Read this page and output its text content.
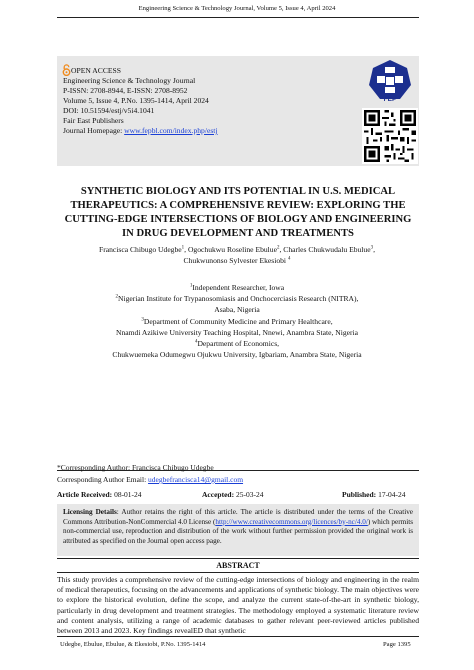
Engineering Science & Technology Journal, Volume 5, Issue 4, April 2024
OPEN ACCESS
Engineering Science & Technology Journal
P-ISSN: 2708-8944, E-ISSN: 2708-8952
Volume 5, Issue 4, P.No. 1395-1414, April 2024
DOI: 10.51594/estj/v5i4.1041
Fair East Publishers
Journal Homepage: www.fepbl.com/index.php/estj
FEP
SYNTHETIC BIOLOGY AND ITS POTENTIAL IN U.S. MEDICAL THERAPEUTICS: A COMPREHENSIVE REVIEW: EXPLORING THE CUTTING-EDGE INTERSECTIONS OF BIOLOGY AND ENGINEERING IN DRUG DEVELOPMENT AND TREATMENTS
Francisca Chibugo Udegbe$^1$, Ogochukwu Roseline Ebulue$^2$, Charles Chukwudalu Ebulue$^3$,
Chukwunonso Sylvester Ekesiobi $^4$
$^1$Independent Researcher, Iowa
$^2$Nigerian Institute for Trypanosomiasis and Onchocerciasis Research (NITRA),
Asaba, Nigeria
$^3$Department of Community Medicine and Primary Healthcare,
Nnamdi Azikiwe University Teaching Hospital, Nnewi, Anambra State, Nigeria
$^4$Department of Economics,
Chukwuemeka Odumegwu Ojukwu University, Igbariam, Anambra State, Nigeria
*Corresponding Author: Francisca Chibugo Udegbe
Corresponding Author Email: udegbefrancisca14@gmail.com
Article Received: 08-01-24	Accepted: 25-03-24	Published: 17-04-24
Licensing Details: Author retains the right of this article. The article is distributed under the terms of the Creative Commons Attribution-NonCommercial 4.0 License (http://www.creativecommons.org/licences/by-nc/4.0/) which permits non-commercial use, reproduction and distribution of the work without further permission provided the original work is attributed as specified on the Journal open access page.
ABSTRACT
This study provides a comprehensive review of the cutting-edge intersections of biology and engineering in the realm of medical therapeutics, focusing on the advancements and applications of synthetic biology. The main objectives were to explore the historical evolution, define the scope, and analyze the current state-of-the-art in synthetic biology, particularly in drug development and treatment strategies. The methodology employed a systematic literature review and content analysis, utilizing a range of academic databases to gather relevant peer-reviewed articles published between 2013 and 2023. Key findings revealED that synthetic
Udegbe, Ebulue, Ebulue, & Ekesiobi, P.No. 1395-1414	Page 1395
